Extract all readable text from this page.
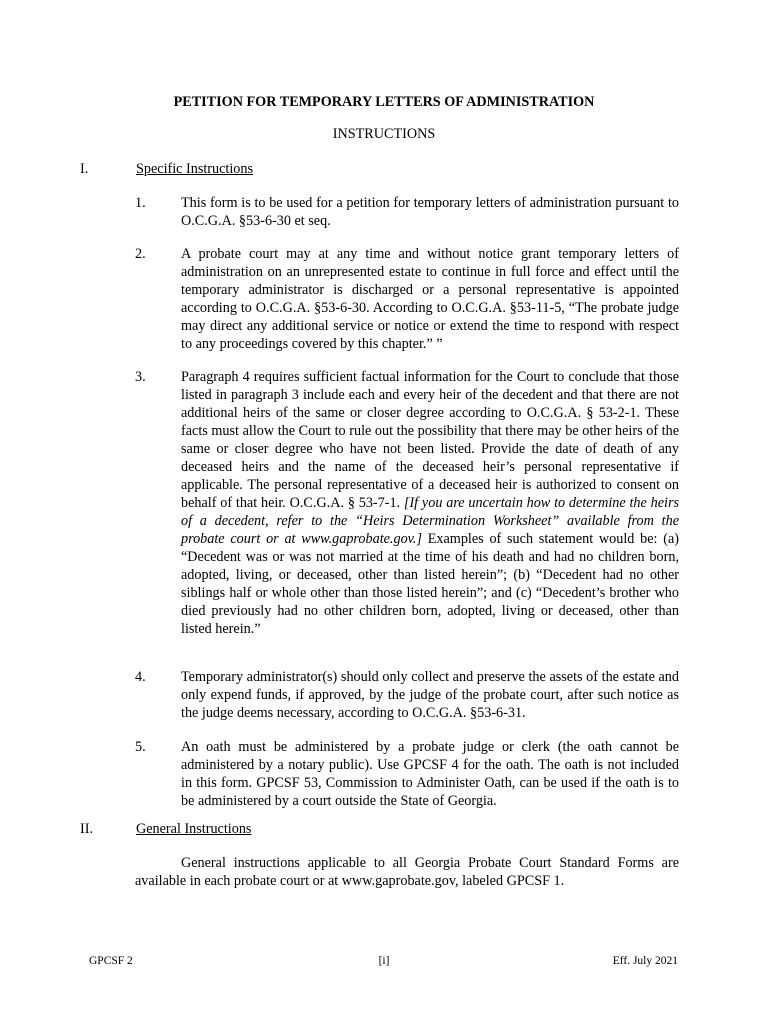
PETITION FOR TEMPORARY LETTERS OF ADMINISTRATION
INSTRUCTIONS
I.	Specific Instructions
1. This form is to be used for a petition for temporary letters of administration pursuant to O.C.G.A. §53-6-30 et seq.
2. A probate court may at any time and without notice grant temporary letters of administration on an unrepresented estate to continue in full force and effect until the temporary administrator is discharged or a personal representative is appointed according to O.C.G.A. §53-6-30. According to O.C.G.A. §53-11-5, “The probate judge may direct any additional service or notice or extend the time to respond with respect to any proceedings covered by this chapter.” ”
3. Paragraph 4 requires sufficient factual information for the Court to conclude that those listed in paragraph 3 include each and every heir of the decedent and that there are not additional heirs of the same or closer degree according to O.C.G.A. § 53-2-1. These facts must allow the Court to rule out the possibility that there may be other heirs of the same or closer degree who have not been listed. Provide the date of death of any deceased heirs and the name of the deceased heir’s personal representative if applicable. The personal representative of a deceased heir is authorized to consent on behalf of that heir. O.C.G.A. § 53-7-1. [If you are uncertain how to determine the heirs of a decedent, refer to the “Heirs Determination Worksheet” available from the probate court or at www.gaprobate.gov.] Examples of such statement would be: (a) “Decedent was or was not married at the time of his death and had no children born, adopted, living, or deceased, other than listed herein”; (b) “Decedent had no other siblings half or whole other than those listed herein”; and (c) “Decedent’s brother who died previously had no other children born, adopted, living or deceased, other than listed herein.”
4. Temporary administrator(s) should only collect and preserve the assets of the estate and only expend funds, if approved, by the judge of the probate court, after such notice as the judge deems necessary, according to O.C.G.A. §53-6-31.
5. An oath must be administered by a probate judge or clerk (the oath cannot be administered by a notary public). Use GPCSF 4 for the oath. The oath is not included in this form. GPCSF 53, Commission to Administer Oath, can be used if the oath is to be administered by a court outside the State of Georgia.
II.	General Instructions
General instructions applicable to all Georgia Probate Court Standard Forms are available in each probate court or at www.gaprobate.gov, labeled GPCSF 1.
GPCSF 2	[i]	Eff. July 2021
